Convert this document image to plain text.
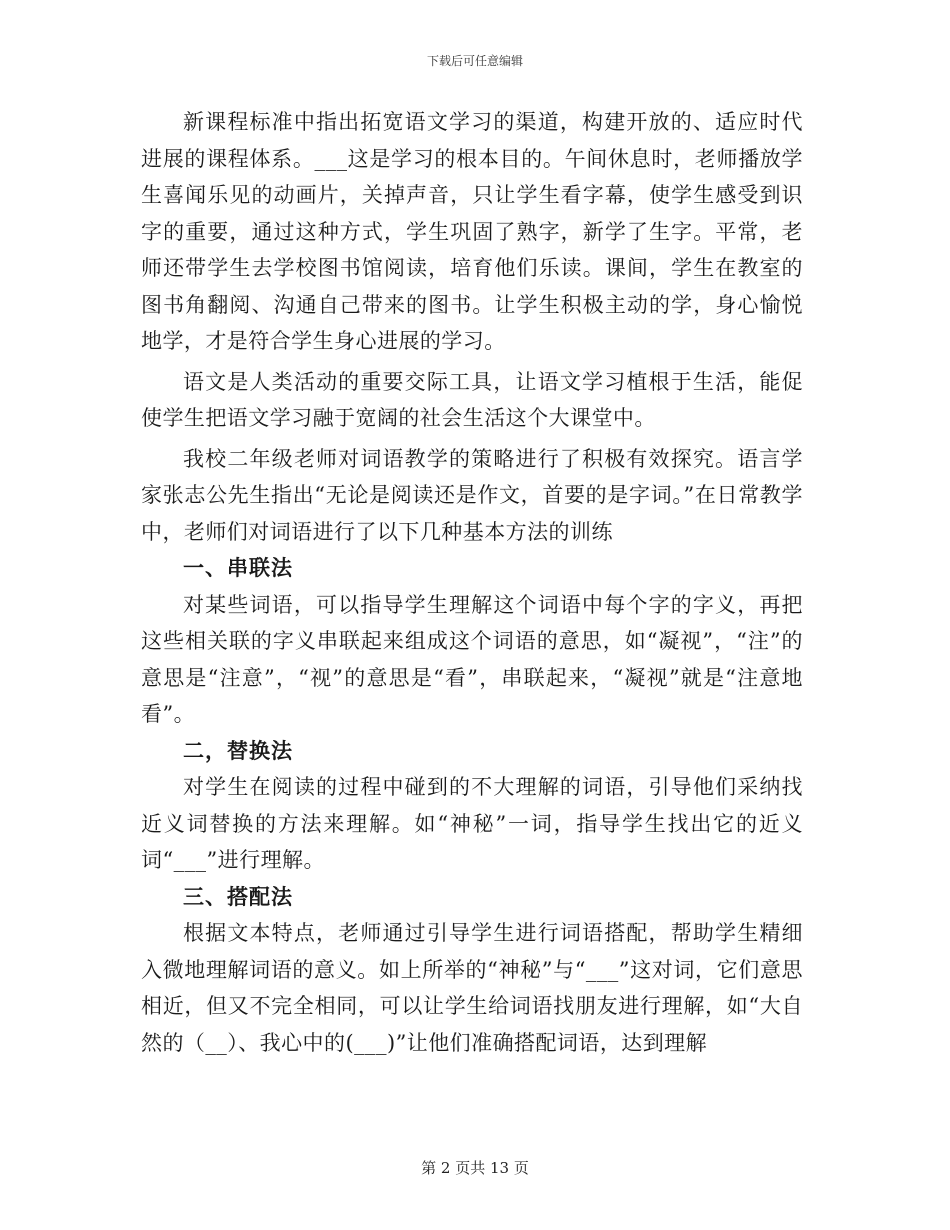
下载后可任意编辑

新课程标准中指出拓宽语文学习的渠道，构建开放的、适应时代进展的课程体系。___这是学习的根本目的。午间休息时，老师播放学生喜闻乐见的动画片，关掉声音，只让学生看字幕，使学生感受到识字的重要，通过这种方式，学生巩固了熟字，新学了生字。平常，老师还带学生去学校图书馆阅读，培育他们乐读。课间，学生在教室的图书角翻阅、沟通自己带来的图书。让学生积极主动的学，身心愉悦地学，才是符合学生身心进展的学习。

语文是人类活动的重要交际工具，让语文学习植根于生活，能促使学生把语文学习融于宽阔的社会生活这个大课堂中。

我校二年级老师对词语教学的策略进行了积极有效探究。语言学家张志公先生指出“无论是阅读还是作文，首要的是字词。”在日常教学中，老师们对词语进行了以下几种基本方法的训练

一、串联法

对某些词语，可以指导学生理解这个词语中每个字的字义，再把这些相关联的字义串联起来组成这个词语的意思，如“凝视”，“注”的意思是“注意”，“视”的意思是“看”，串联起来，“凝视”就是“注意地看”。

二，替换法

对学生在阅读的过程中碰到的不大理解的词语，引导他们采纳找近义词替换的方法来理解。如“神秘”一词，指导学生找出它的近义词“___”进行理解。

三、搭配法

根据文本特点，老师通过引导学生进行词语搭配，帮助学生精细入微地理解词语的意义。如上所举的“神秘”与“___”这对词，它们意思相近，但又不完全相同，可以让学生给词语找朋友进行理解，如“大自然的（__）、我心中的(___)”让他们准确搭配词语，达到理解

第 2 页共 13 页
